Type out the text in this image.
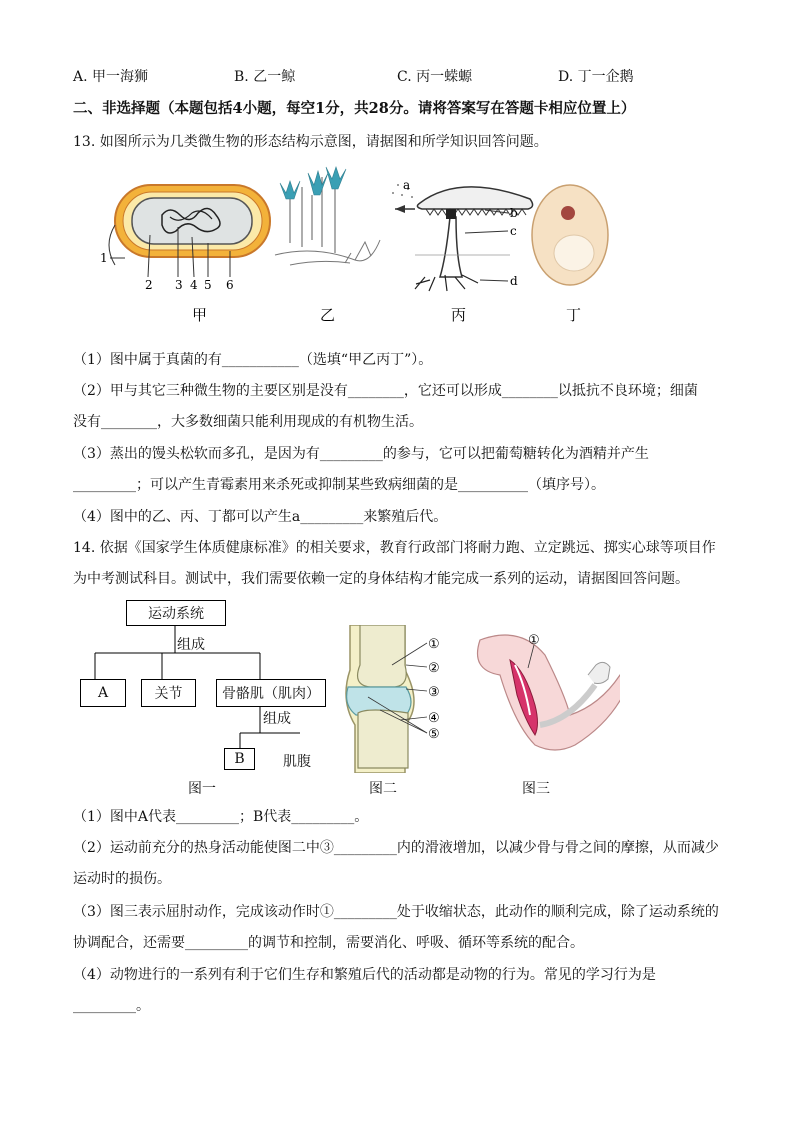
A. 甲一海狮	B. 乙一鲸	C. 丙一蝾螈	D. 丁一企鹅
二、非选择题（本题包括4小题，每空1分，共28分。请将答案写在答题卡相应位置上）
13. 如图所示为几类微生物的形态结构示意图，请据图和所学知识回答问题。
1
2 3 4 5 6
a
b
c
d
甲	乙	丙	丁
（1）图中属于真菌的有___________（选填“甲乙丙丁”）。
（2）甲与其它三种微生物的主要区别是没有________，它还可以形成________以抵抗不良环境；细菌
没有________，大多数细菌只能利用现成的有机物生活。
（3）蒸出的馒头松软而多孔，是因为有_________的参与，它可以把葡萄糖转化为酒精并产生
_________；可以产生青霉素用来杀死或抑制某些致病细菌的是__________（填序号）。
（4）图中的乙、丙、丁都可以产生a_________来繁殖后代。
14. 依据《国家学生体质健康标准》的相关要求，教育行政部门将耐力跑、立定跳远、掷实心球等项目作
为中考测试科目。测试中，我们需要依赖一定的身体结构才能完成一系列的运动，请据图回答问题。
运动系统
组成
A	关节	骨骼肌（肌肉）
组成
B	肌腹
①
②
③
④
⑤
①
图一	图二	图三
（1）图中A代表_________；B代表_________。
（2）运动前充分的热身活动能使图二中③_________内的滑液增加，以减少骨与骨之间的摩擦，从而减少
运动时的损伤。
（3）图三表示屈肘动作，完成该动作时①_________处于收缩状态，此动作的顺利完成，除了运动系统的
协调配合，还需要_________的调节和控制，需要消化、呼吸、循环等系统的配合。
（4）动物进行的一系列有利于它们生存和繁殖后代的活动都是动物的行为。常见的学习行为是
_________。
